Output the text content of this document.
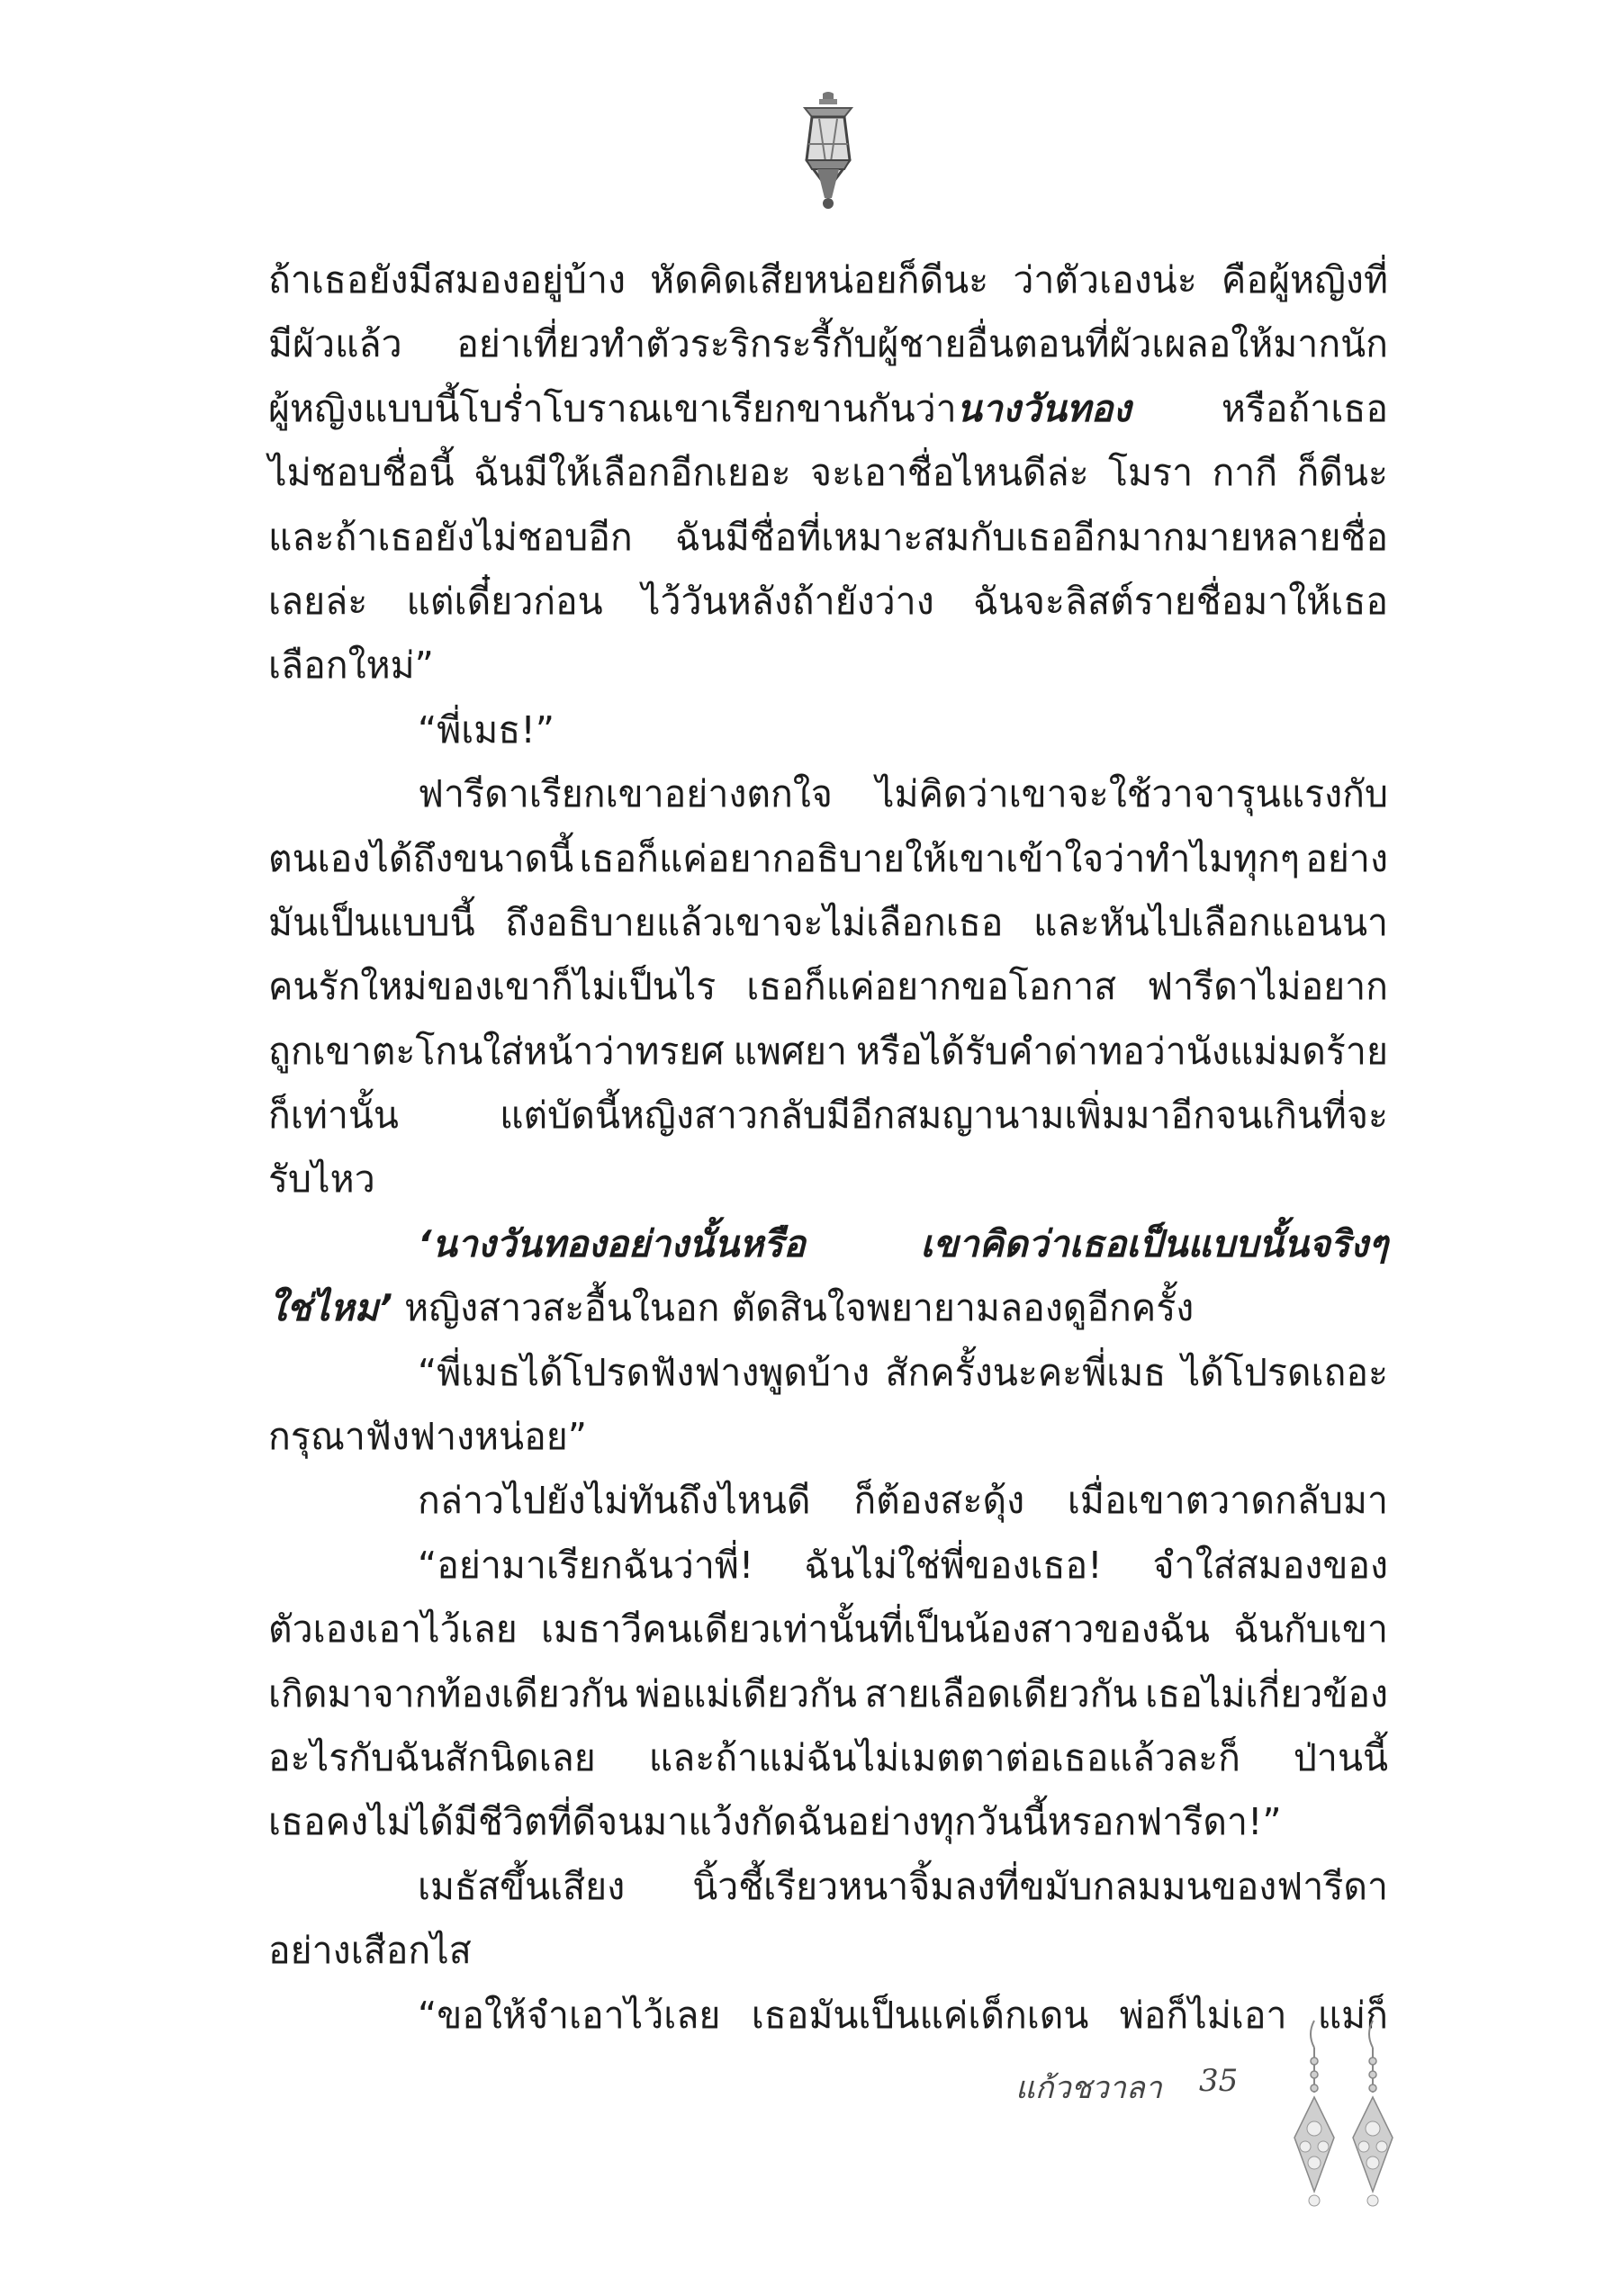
ถ้าเธอยังมีสมองอยู่บ้าง หัดคิดเสียหน่อยก็ดีนะ ว่าตัวเองน่ะ คือผู้หญิงที่
มีผัวแล้ว อย่าเที่ยวทำตัวระริกระรี้กับผู้ชายอื่นตอนที่ผัวเผลอให้มากนัก
ผู้หญิงแบบนี้โบร่ำโบราณเขาเรียกขานกันว่านางวันทอง หรือถ้าเธอ
ไม่ชอบชื่อนี้ ฉันมีให้เลือกอีกเยอะ จะเอาชื่อไหนดีล่ะ โมรา กากี ก็ดีนะ
และถ้าเธอยังไม่ชอบอีก ฉันมีชื่อที่เหมาะสมกับเธออีกมากมายหลายชื่อ
เลยล่ะ แต่เดี๋ยวก่อน ไว้วันหลังถ้ายังว่าง ฉันจะลิสต์รายชื่อมาให้เธอ
เลือกใหม่”
“พี่เมธ!”
ฟารีดาเรียกเขาอย่างตกใจ ไม่คิดว่าเขาจะใช้วาจารุนแรงกับ
ตนเองได้ถึงขนาดนี้ เธอก็แค่อยากอธิบายให้เขาเข้าใจว่าทำไมทุกๆ อย่าง
มันเป็นแบบนี้ ถึงอธิบายแล้วเขาจะไม่เลือกเธอ และหันไปเลือกแอนนา
คนรักใหม่ของเขาก็ไม่เป็นไร เธอก็แค่อยากขอโอกาส ฟารีดาไม่อยาก
ถูกเขาตะโกนใส่หน้าว่าทรยศ แพศยา หรือได้รับคำด่าทอว่านังแม่มดร้าย
ก็เท่านั้น	แต่บัดนี้หญิงสาวกลับมีอีกสมญานามเพิ่มมาอีกจนเกินที่จะ
รับไหว
‘นางวันทองอย่างนั้นหรือ	เขาคิดว่าเธอเป็นแบบนั้นจริงๆ
ใช่ไหม’ หญิงสาวสะอื้นในอก ตัดสินใจพยายามลองดูอีกครั้ง
“พี่เมธได้โปรดฟังฟางพูดบ้าง สักครั้งนะคะพี่เมธ ได้โปรดเถอะ
กรุณาฟังฟางหน่อย”
กล่าวไปยังไม่ทันถึงไหนดี ก็ต้องสะดุ้ง เมื่อเขาตวาดกลับมา
“อย่ามาเรียกฉันว่าพี่! ฉันไม่ใช่พี่ของเธอ! จำใส่สมองของ
ตัวเองเอาไว้เลย เมธาวีคนเดียวเท่านั้นที่เป็นน้องสาวของฉัน ฉันกับเขา
เกิดมาจากท้องเดียวกัน พ่อแม่เดียวกัน สายเลือดเดียวกัน เธอไม่เกี่ยวข้อง
อะไรกับฉันสักนิดเลย และถ้าแม่ฉันไม่เมตตาต่อเธอแล้วละก็ ป่านนี้
เธอคงไม่ได้มีชีวิตที่ดีจนมาแว้งกัดฉันอย่างทุกวันนี้หรอกฟารีดา!”
เมธัสขึ้นเสียง นิ้วชี้เรียวหนาจิ้มลงที่ขมับกลมมนของฟารีดา
อย่างเสือกไส
“ขอให้จำเอาไว้เลย เธอมันเป็นแค่เด็กเดน พ่อก็ไม่เอา แม่ก็
แก้วชวาลา 35
